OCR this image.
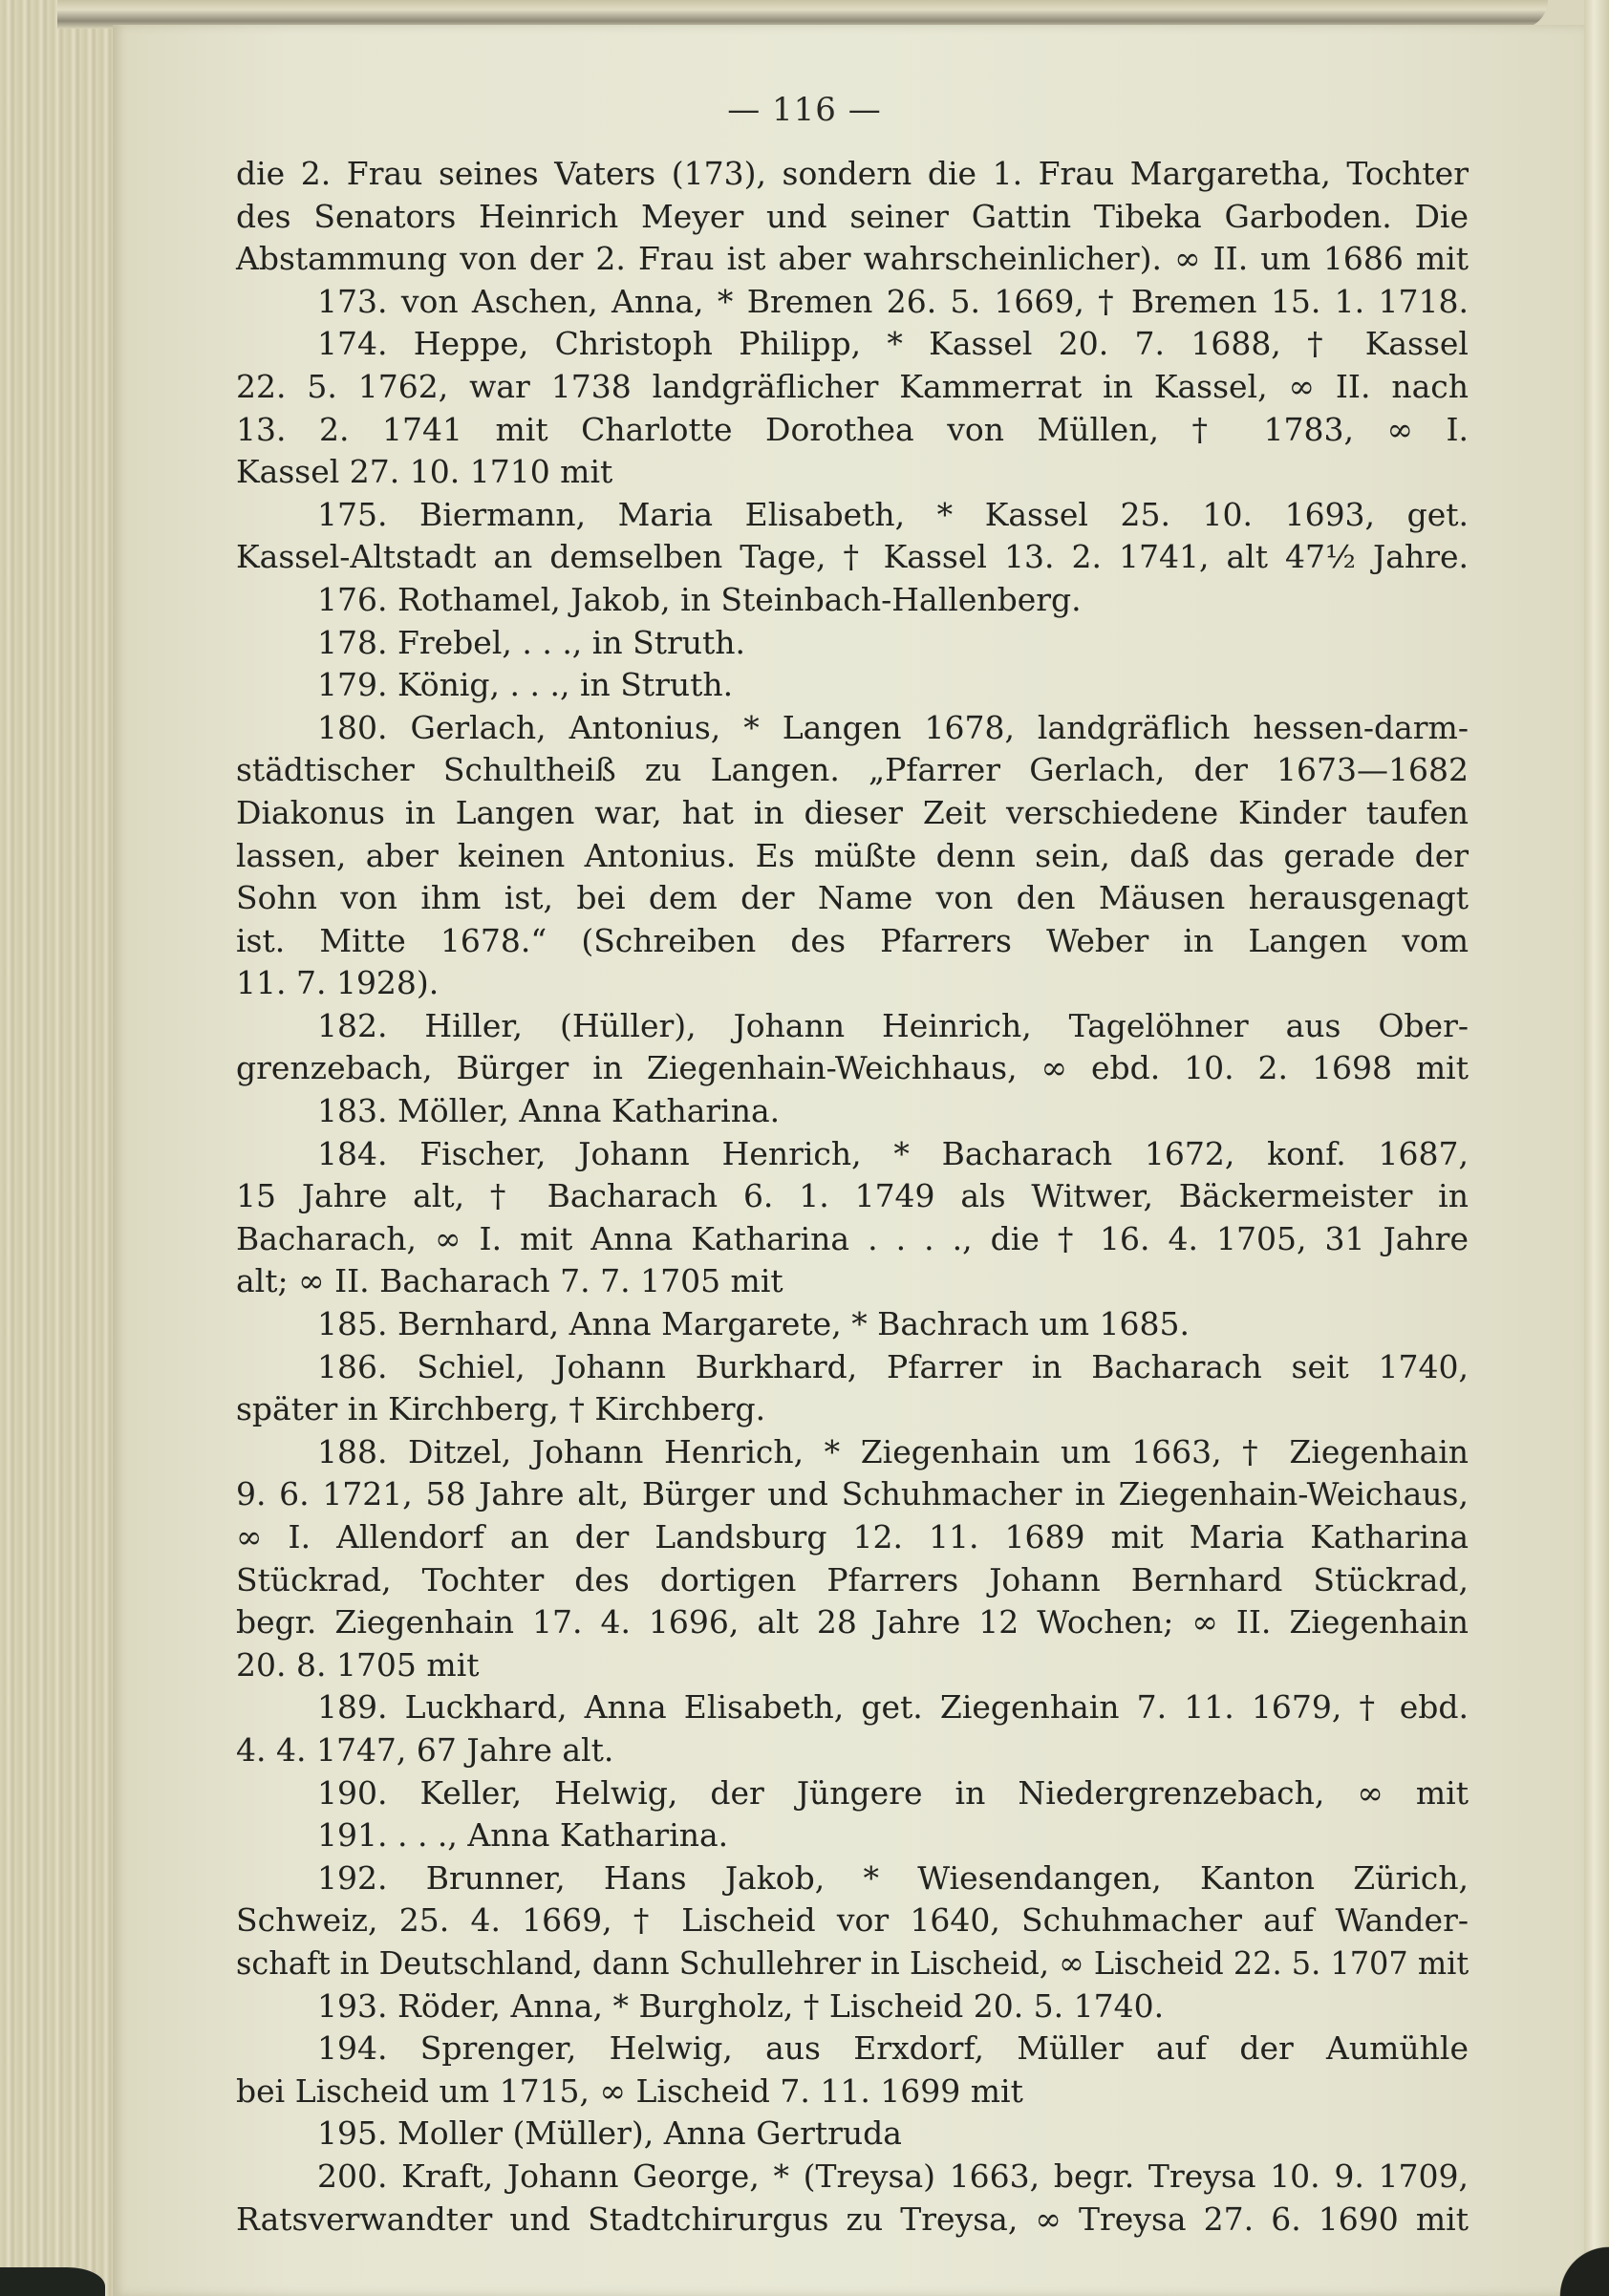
— 116 —
die 2. Frau seines Vaters (173), sondern die 1. Frau Margaretha, Tochter
des Senators Heinrich Meyer und seiner Gattin Tibeka Garboden. Die
Abstammung von der 2. Frau ist aber wahrscheinlicher). ∞ II. um 1686 mit
173. von Aschen, Anna, * Bremen 26. 5. 1669, † Bremen 15. 1. 1718.
174. Heppe, Christoph Philipp, * Kassel 20. 7. 1688, † Kassel
22. 5. 1762, war 1738 landgräflicher Kammerrat in Kassel, ∞ II. nach
13. 2. 1741 mit Charlotte Dorothea von Müllen, † 1783, ∞ I.
Kassel 27. 10. 1710 mit
175. Biermann, Maria Elisabeth, * Kassel 25. 10. 1693, get.
Kassel-Altstadt an demselben Tage, † Kassel 13. 2. 1741, alt 47½ Jahre.
176. Rothamel, Jakob, in Steinbach-Hallenberg.
178. Frebel, . . ., in Struth.
179. König, . . ., in Struth.
180. Gerlach, Antonius, * Langen 1678, landgräflich hessen-darm-
städtischer Schultheiß zu Langen. „Pfarrer Gerlach, der 1673—1682
Diakonus in Langen war, hat in dieser Zeit verschiedene Kinder taufen
lassen, aber keinen Antonius. Es müßte denn sein, daß das gerade der
Sohn von ihm ist, bei dem der Name von den Mäusen herausgenagt
ist. Mitte 1678.“ (Schreiben des Pfarrers Weber in Langen vom
11. 7. 1928).
182. Hiller, (Hüller), Johann Heinrich, Tagelöhner aus Ober-
grenzebach, Bürger in Ziegenhain-Weichhaus, ∞ ebd. 10. 2. 1698 mit
183. Möller, Anna Katharina.
184. Fischer, Johann Henrich, * Bacharach 1672, konf. 1687,
15 Jahre alt, † Bacharach 6. 1. 1749 als Witwer, Bäckermeister in
Bacharach, ∞ I. mit Anna Katharina . . . ., die † 16. 4. 1705, 31 Jahre
alt; ∞ II. Bacharach 7. 7. 1705 mit
185. Bernhard, Anna Margarete, * Bachrach um 1685.
186. Schiel, Johann Burkhard, Pfarrer in Bacharach seit 1740,
später in Kirchberg, † Kirchberg.
188. Ditzel, Johann Henrich, * Ziegenhain um 1663, † Ziegenhain
9. 6. 1721, 58 Jahre alt, Bürger und Schuhmacher in Ziegenhain-Weichaus,
∞ I. Allendorf an der Landsburg 12. 11. 1689 mit Maria Katharina
Stückrad, Tochter des dortigen Pfarrers Johann Bernhard Stückrad,
begr. Ziegenhain 17. 4. 1696, alt 28 Jahre 12 Wochen; ∞ II. Ziegenhain
20. 8. 1705 mit
189. Luckhard, Anna Elisabeth, get. Ziegenhain 7. 11. 1679, † ebd.
4. 4. 1747, 67 Jahre alt.
190. Keller, Helwig, der Jüngere in Niedergrenzebach, ∞ mit
191. . . ., Anna Katharina.
192. Brunner, Hans Jakob, * Wiesendangen, Kanton Zürich,
Schweiz, 25. 4. 1669, † Lischeid vor 1640, Schuhmacher auf Wander-
schaft in Deutschland, dann Schullehrer in Lischeid, ∞ Lischeid 22. 5. 1707 mit
193. Röder, Anna, * Burgholz, † Lischeid 20. 5. 1740.
194. Sprenger, Helwig, aus Erxdorf, Müller auf der Aumühle
bei Lischeid um 1715, ∞ Lischeid 7. 11. 1699 mit
195. Moller (Müller), Anna Gertruda
200. Kraft, Johann George, * (Treysa) 1663, begr. Treysa 10. 9. 1709,
Ratsverwandter und Stadtchirurgus zu Treysa, ∞ Treysa 27. 6. 1690 mit
